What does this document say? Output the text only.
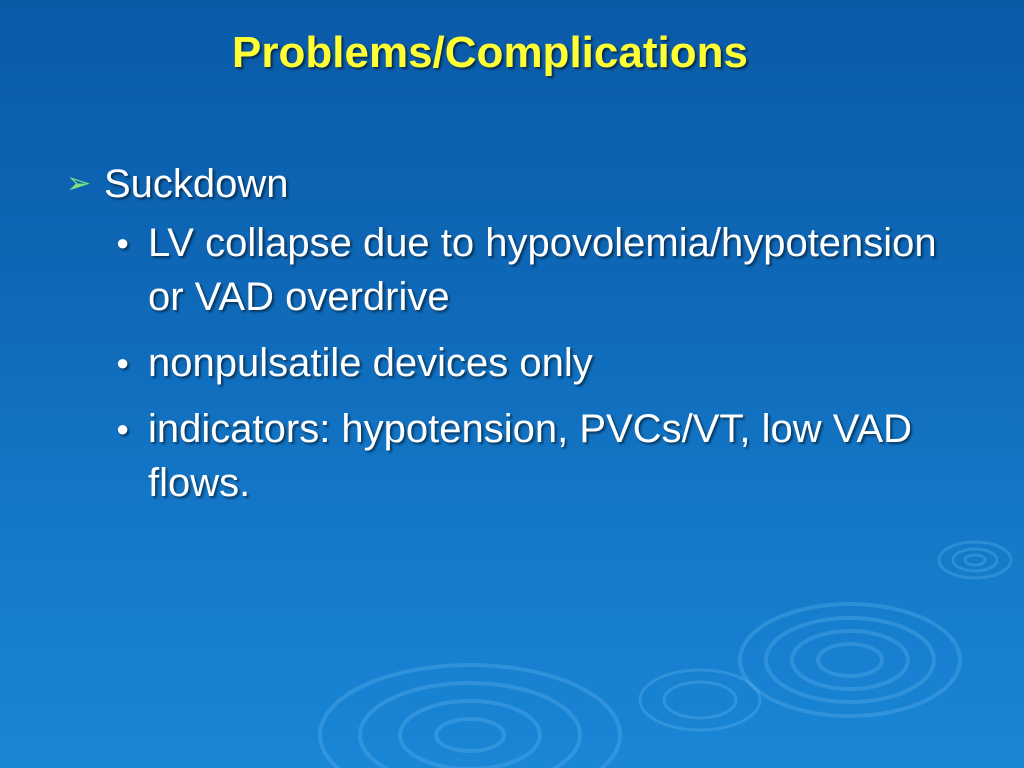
Problems/Complications
➢ Suckdown
● LV collapse due to hypovolemia/hypotension or VAD overdrive
● nonpulsatile devices only
● indicators: hypotension, PVCs/VT, low VAD flows.
